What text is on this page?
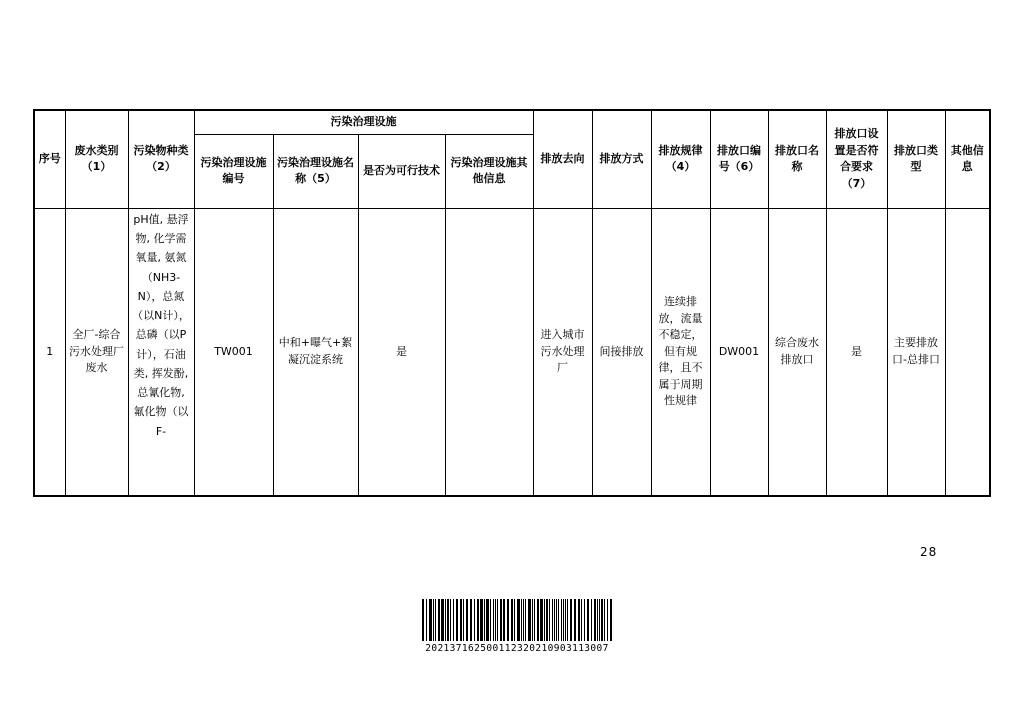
序号	废水类别（1）	污染物种类（2）	污染治理设施				排放去向	排放方式	排放规律（4）	排放口编号（6）	排放口名称	排放口设置是否符合要求（7）	排放口类型	其他信息
			污染治理设施编号	污染治理设施名称（5）	是否为可行技术	污染治理设施其他信息								
1	全厂-综合污水处理厂废水	pH值, 悬浮物, 化学需氧量, 氨氮（NH3-N），总氮（以N计），总磷（以P计），石油类, 挥发酚, 总氰化物, 氟化物（以F-	TW001	中和+曝气+絮凝沉淀系统	是		进入城市污水处理厂	间接排放	连续排放，流量不稳定，但有规律，且不属于周期性规律	DW001	综合废水排放口	是	主要排放口-总排口	
28
202137162500112320210903113007
